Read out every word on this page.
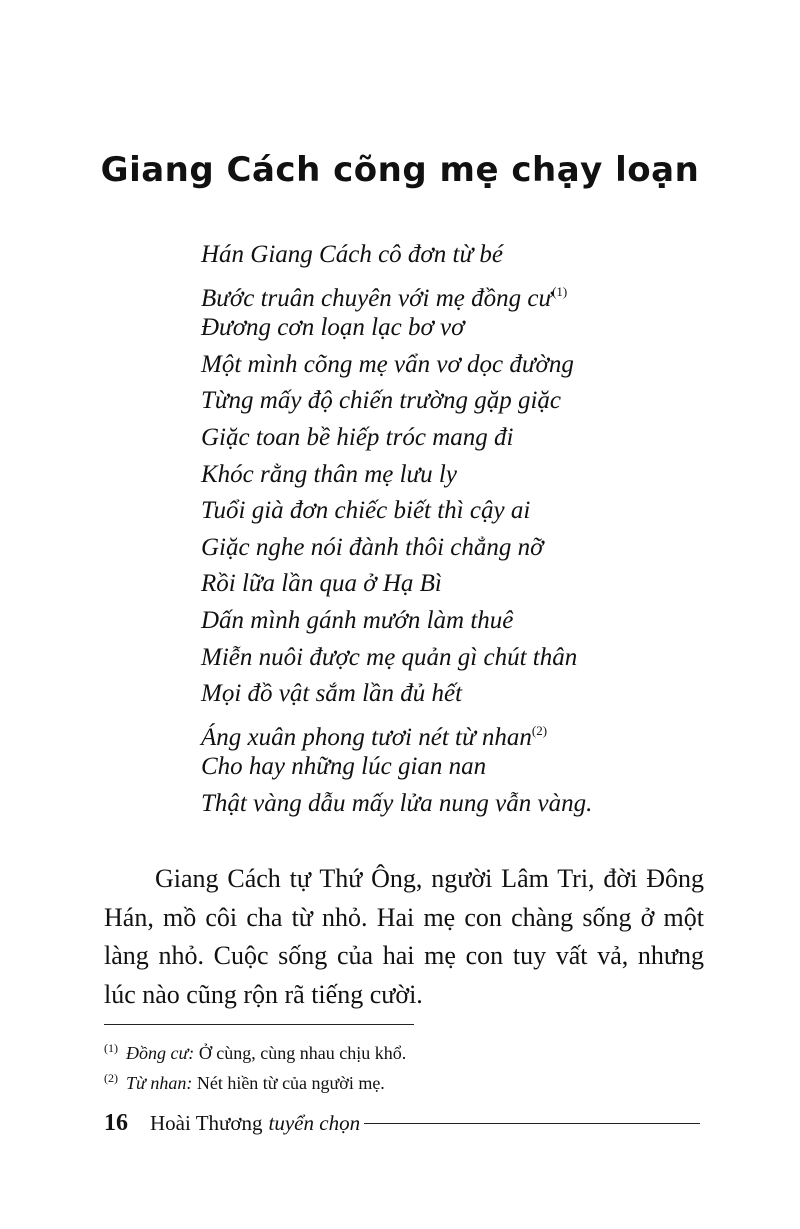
Giang Cách cõng mẹ chạy loạn
Hán Giang Cách cô đơn từ bé
Bước truân chuyên với mẹ đồng cư$^{(1)}$
Đương cơn loạn lạc bơ vơ
Một mình cõng mẹ vẩn vơ dọc đường
Từng mấy độ chiến trường gặp giặc
Giặc toan bề hiếp tróc mang đi
Khóc rằng thân mẹ lưu ly
Tuổi già đơn chiếc biết thì cậy ai
Giặc nghe nói đành thôi chẳng nỡ
Rồi lữa lần qua ở Hạ Bì
Dấn mình gánh mướn làm thuê
Miễn nuôi được mẹ quản gì chút thân
Mọi đồ vật sắm lần đủ hết
Áng xuân phong tươi nét từ nhan$^{(2)}$
Cho hay những lúc gian nan
Thật vàng dẫu mấy lửa nung vẫn vàng.

Giang Cách tự Thứ Ông, người Lâm Tri, đời Đông Hán, mồ côi cha từ nhỏ. Hai mẹ con chàng sống ở một làng nhỏ. Cuộc sống của hai mẹ con tuy vất vả, nhưng lúc nào cũng rộn rã tiếng cười.

$^{(1)}$ Đồng cư: Ở cùng, cùng nhau chịu khổ.
$^{(2)}$ Từ nhan: Nét hiền từ của người mẹ.
16 Hoài Thương tuyển chọn
